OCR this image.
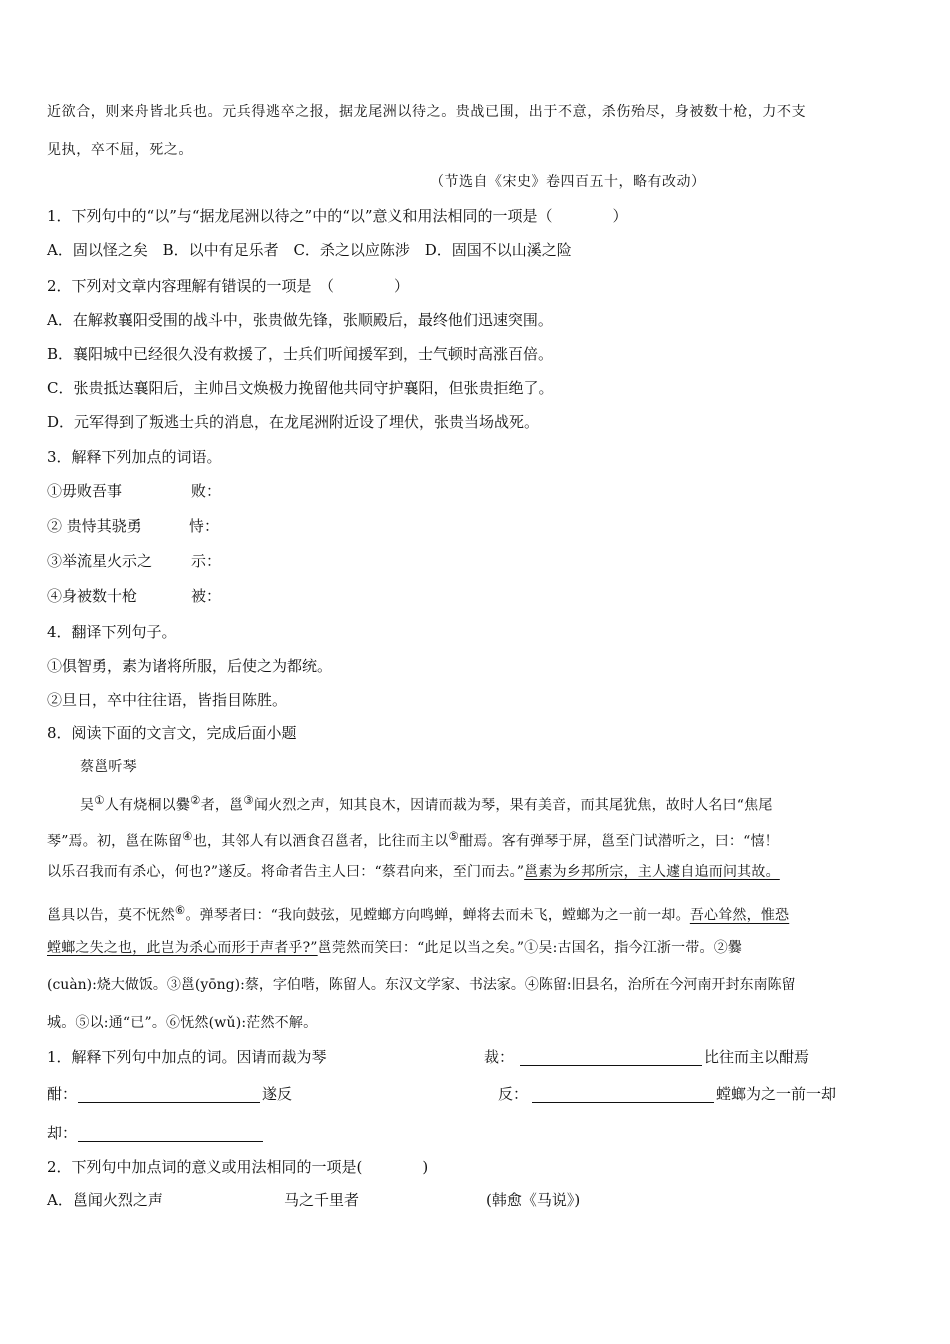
近欲合，则来舟皆北兵也。元兵得逃卒之报，据龙尾洲以待之。贵战已围，出于不意，杀伤殆尽，身被数十枪，力不支
见执，卒不屈，死之。
（节选自《宋史》卷四百五十，略有改动）
1．下列句中的“以”与“据龙尾洲以待之”中的“以”意义和用法相同的一项是（　　　　）
A．固以怪之矣 B．以中有足乐者 C．杀之以应陈涉 D．固国不以山溪之险
2．下列对文章内容理解有错误的一项是　（　　　　）
A．在解救襄阳受围的战斗中，张贵做先锋，张顺殿后，最终他们迅速突围。
B．襄阳城中已经很久没有救援了，士兵们听闻援军到，士气顿时高涨百倍。
C．张贵抵达襄阳后，主帅吕文焕极力挽留他共同守护襄阳，但张贵拒绝了。
D．元军得到了叛逃士兵的消息，在龙尾洲附近设了埋伏，张贵当场战死。
3．解释下列加点的词语。
①毋败吾事	败：
② 贵恃其骁勇	恃：
③举流星火示之	示：
④身被数十枪	被：
4．翻译下列句子。
①俱智勇，素为诸将所服，后使之为都统。
②旦日，卒中往往语，皆指目陈胜。
8．阅读下面的文言文，完成后面小题
蔡邕听琴
吴①人有烧桐以爨②者，邕③闻火烈之声，知其良木，因请而裁为琴，果有美音，而其尾犹焦，故时人名曰“焦尾
琴”焉。初，邕在陈留④也，其邻人有以酒食召邕者，比往而主以⑤酣焉。客有弹琴于屏，邕至门试潜听之，曰：“憘！
以乐召我而有杀心，何也?”遂反。将命者告主人曰：“蔡君向来，至门而去。”邕素为乡邦所宗，主人遽自追而问其故。
邕具以告，莫不怃然⑥。弹琴者曰：“我向鼓弦，见螳螂方向鸣蝉，蝉将去而未飞，螳螂为之一前一却。吾心耸然，惟恐
螳螂之失之也，此岂为杀心而形于声者乎?”邕莞然而笑曰：“此足以当之矣。”①吴:古国名，指今江浙一带。②爨
(cuàn):烧大做饭。③邕(yōng):蔡，字伯喈，陈留人。东汉文学家、书法家。④陈留:旧县名，治所在今河南开封东南陈留
城。⑤以:通“已”。⑥怃然(wǔ):茫然不解。
1．解释下列句中加点的词。因请而裁为琴	裁：	比往而主以酣焉
酣：	遂反	反：	螳螂为之一前一却
却：
2．下列句中加点词的意义或用法相同的一项是(　　　　)
A．邕闻火烈之声	马之千里者	(韩愈《马说》)
